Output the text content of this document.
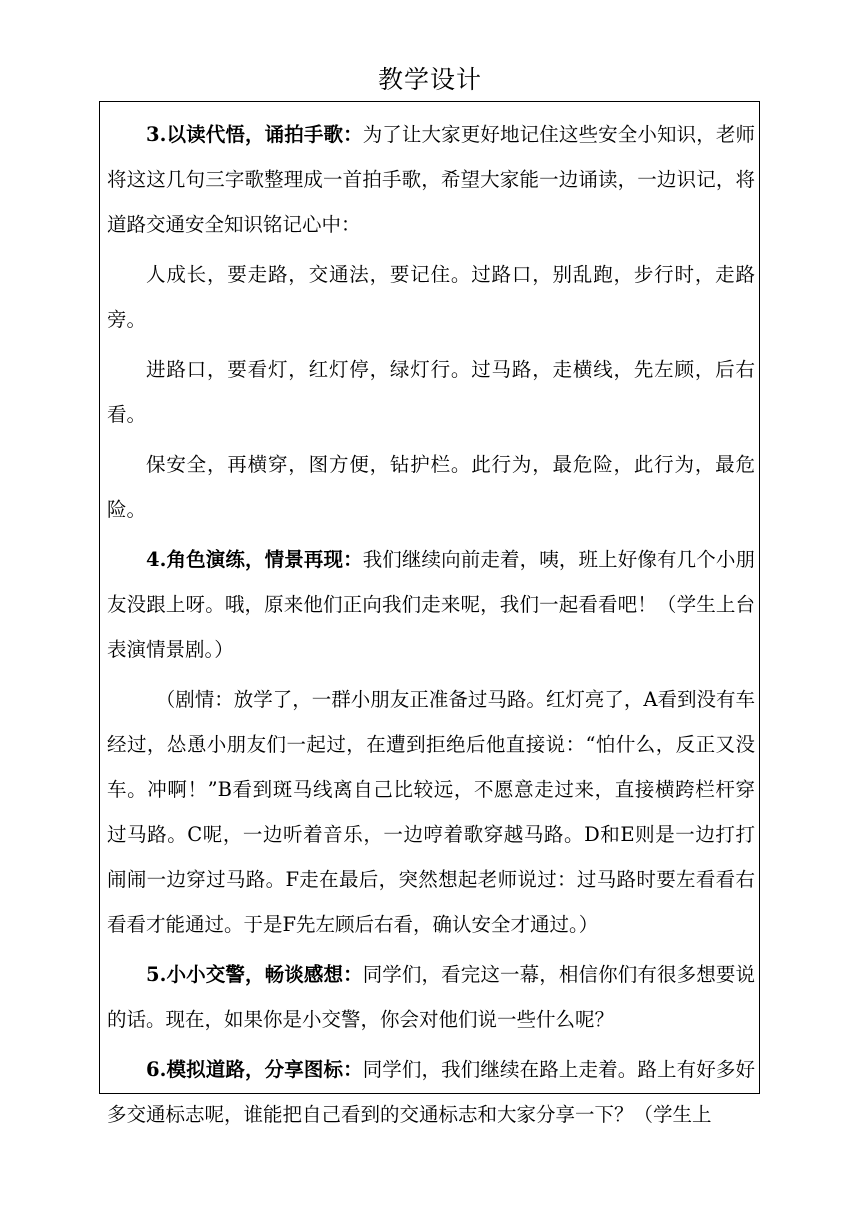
教学设计

3.以读代悟，诵拍手歌：为了让大家更好地记住这些安全小知识，老师将这这几句三字歌整理成一首拍手歌，希望大家能一边诵读，一边识记，将道路交通安全知识铭记心中：

人成长，要走路，交通法，要记住。过路口，别乱跑，步行时，走路旁。

进路口，要看灯，红灯停，绿灯行。过马路，走横线，先左顾，后右看。

保安全，再横穿，图方便，钻护栏。此行为，最危险，此行为，最危险。

4.角色演练，情景再现：我们继续向前走着，咦，班上好像有几个小朋友没跟上呀。哦，原来他们正向我们走来呢，我们一起看看吧！（学生上台表演情景剧。）

（剧情：放学了，一群小朋友正准备过马路。红灯亮了，A看到没有车经过，怂恿小朋友们一起过，在遭到拒绝后他直接说：“怕什么，反正又没车。冲啊！”B看到斑马线离自己比较远，不愿意走过来，直接横跨栏杆穿过马路。C呢，一边听着音乐，一边哼着歌穿越马路。D和E则是一边打打闹闹一边穿过马路。F走在最后，突然想起老师说过：过马路时要左看看右看看才能通过。于是F先左顾后右看，确认安全才通过。）

5.小小交警，畅谈感想：同学们，看完这一幕，相信你们有很多想要说的话。现在，如果你是小交警，你会对他们说一些什么呢？

6.模拟道路，分享图标：同学们，我们继续在路上走着。路上有好多好多交通标志呢，谁能把自己看到的交通标志和大家分享一下？（学生上
